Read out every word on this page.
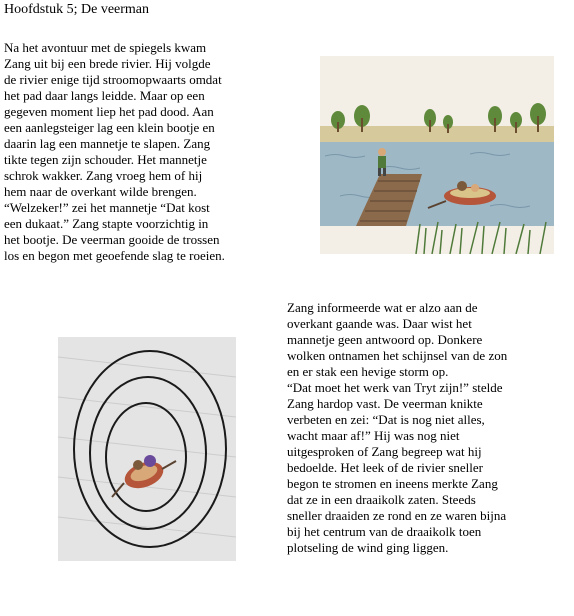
Hoofdstuk 5; De veerman
Na het avontuur met de spiegels kwam
Zang uit bij een brede rivier. Hij volgde
de rivier enige tijd stroomopwaarts omdat
het pad daar langs leidde. Maar op een
gegeven moment liep het pad dood. Aan
een aanlegsteiger lag een klein bootje en
daarin lag een mannetje te slapen. Zang
tikte tegen zijn schouder. Het mannetje
schrok wakker. Zang vroeg hem of hij
hem naar de overkant wilde brengen.
“Welzeker!” zei het mannetje “Dat kost
een dukaat.” Zang stapte voorzichtig in
het bootje. De veerman gooide de trossen
los en begon met geoefende slag te roeien.
Zang informeerde wat er alzo aan de
overkant gaande was. Daar wist het
mannetje geen antwoord op. Donkere
wolken ontnamen het schijnsel van de zon
en er stak een hevige storm op.
“Dat moet het werk van Tryt zijn!” stelde
Zang hardop vast. De veerman knikte
verbeten en zei: “Dat is nog niet alles,
wacht maar af!” Hij was nog niet
uitgesproken of Zang begreep wat hij
bedoelde. Het leek of de rivier sneller
begon te stromen en ineens merkte Zang
dat ze in een draaikolk zaten. Steeds
sneller draaiden ze rond en ze waren bijna
bij het centrum van de draaikolk toen
plotseling de wind ging liggen.
